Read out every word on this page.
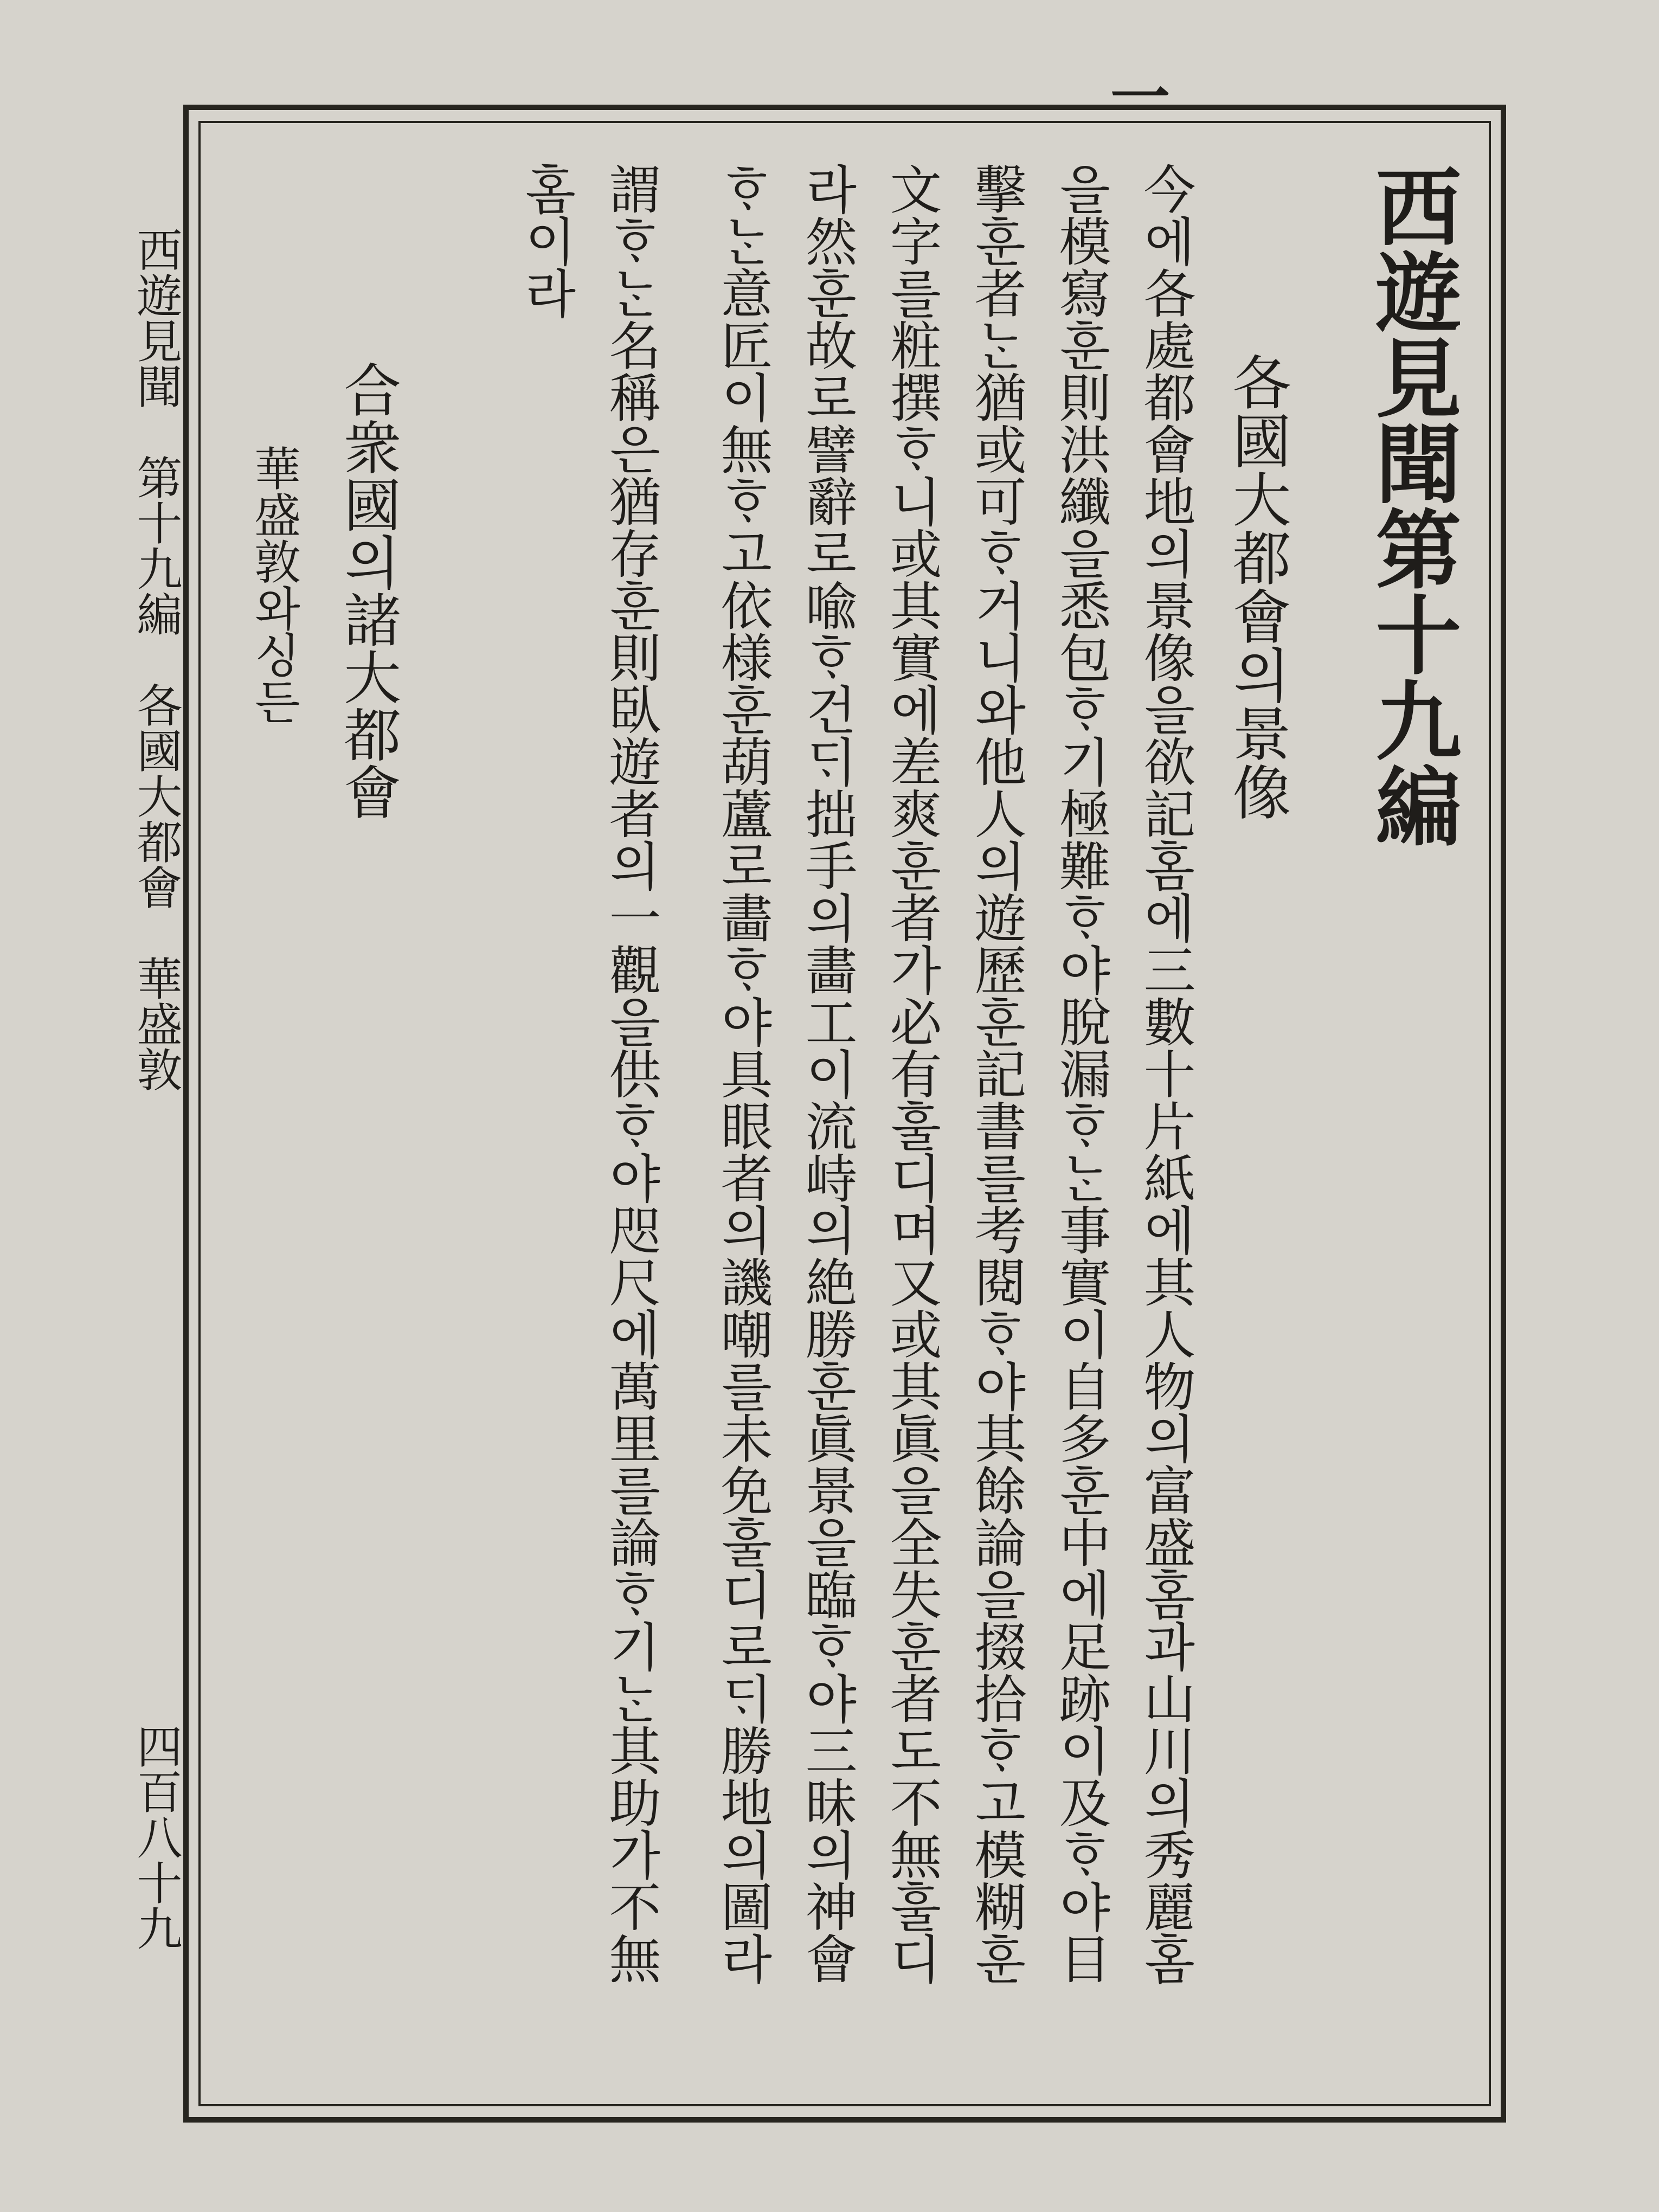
一
西遊見聞第十九編
各國大都會의景像
今에各處都會地의景像을欲記홈에三數十片紙에其人物의富盛홈과山川의秀麗홈
을模寫훈則洪纖을悉包ᄒᆞ기極難ᄒᆞ야脫漏ᄒᆞᄂᆞᆫ事實이自多훈中에足跡이及ᄒᆞ야目
擊훈者ᄂᆞᆫ猶或可ᄒᆞ거니와他人의遊歷훈記書를考閱ᄒᆞ야其餘論을掇拾ᄒᆞ고模糊훈
文字를粧撰ᄒᆞ니或其實에差爽훈者가必有훌디며又或其眞을全失훈者도不無훌디
라然훈故로譬辭로喩ᄒᆞ건ᄃᆡ拙手의畵工이流峙의絶勝훈眞景을臨ᄒᆞ야三昧의神會
ᄒᆞᄂᆞᆫ意匠이無ᄒᆞ고依様훈葫蘆로畵ᄒᆞ야具眼者의譏嘲를未免훌디로ᄃᆡ勝地의圖라
謂ᄒᆞᄂᆞᆫ名稱은猶存훈則臥遊者의一觀을供ᄒᆞ야咫尺에萬里를論ᄒᆞ기ᄂᆞᆫ其助가不無
홈이라
合衆國의諸大都會
華盛敦와싱든
西遊見聞　第十九編　各國大都會　華盛敦
四百八十九
